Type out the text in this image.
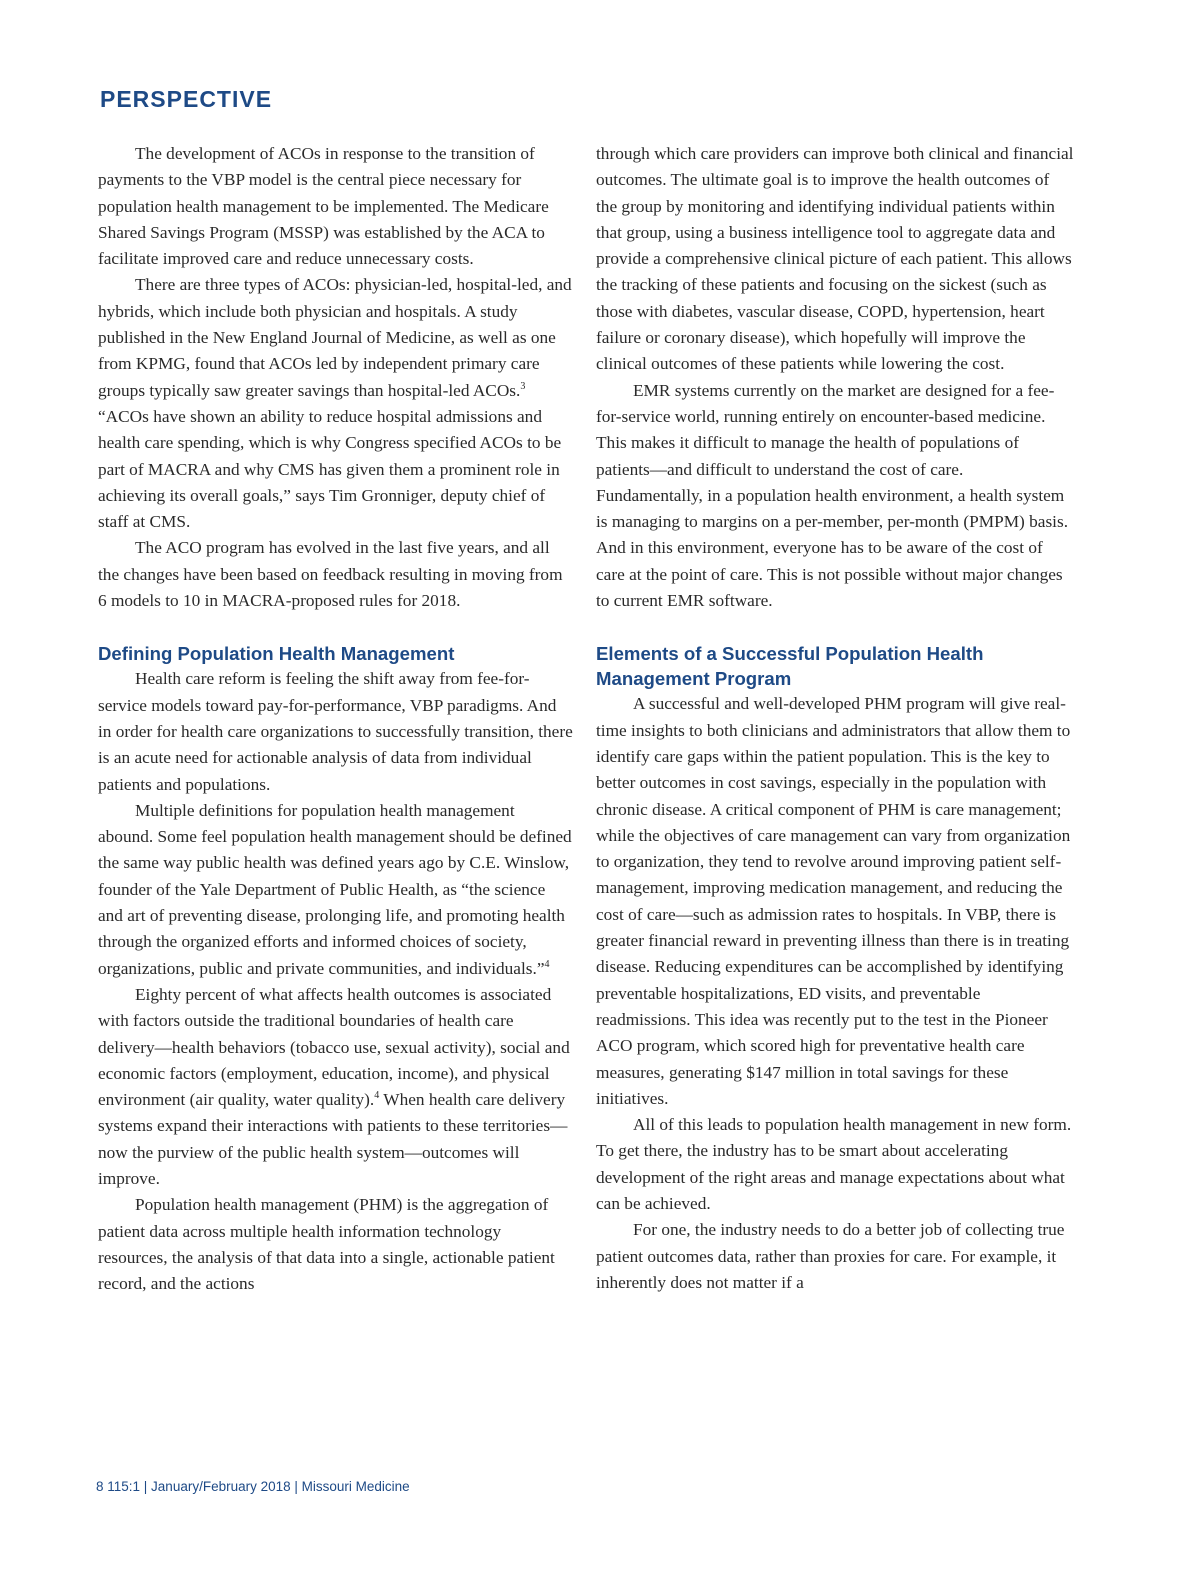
PERSPECTIVE

The development of ACOs in response to the transition of payments to the VBP model is the central piece necessary for population health management to be implemented. The Medicare Shared Savings Program (MSSP) was established by the ACA to facilitate improved care and reduce unnecessary costs.

There are three types of ACOs: physician-led, hospital-led, and hybrids, which include both physician and hospitals. A study published in the New England Journal of Medicine, as well as one from KPMG, found that ACOs led by independent primary care groups typically saw greater savings than hospital-led ACOs.$^3$ “ACOs have shown an ability to reduce hospital admissions and health care spending, which is why Congress specified ACOs to be part of MACRA and why CMS has given them a prominent role in achieving its overall goals,” says Tim Gronniger, deputy chief of staff at CMS.

The ACO program has evolved in the last five years, and all the changes have been based on feedback resulting in moving from 6 models to 10 in MACRA-proposed rules for 2018.

Defining Population Health Management

Health care reform is feeling the shift away from fee-for-service models toward pay-for-performance, VBP paradigms. And in order for health care organizations to successfully transition, there is an acute need for actionable analysis of data from individual patients and populations.

Multiple definitions for population health management abound. Some feel population health management should be defined the same way public health was defined years ago by C.E. Winslow, founder of the Yale Department of Public Health, as “the science and art of preventing disease, prolonging life, and promoting health through the organized efforts and informed choices of society, organizations, public and private communities, and individuals.”$^4$

Eighty percent of what affects health outcomes is associated with factors outside the traditional boundaries of health care delivery—health behaviors (tobacco use, sexual activity), social and economic factors (employment, education, income), and physical environment (air quality, water quality).$^4$ When health care delivery systems expand their interactions with patients to these territories—now the purview of the public health system—outcomes will improve.

Population health management (PHM) is the aggregation of patient data across multiple health information technology resources, the analysis of that data into a single, actionable patient record, and the actions

through which care providers can improve both clinical and financial outcomes. The ultimate goal is to improve the health outcomes of the group by monitoring and identifying individual patients within that group, using a business intelligence tool to aggregate data and provide a comprehensive clinical picture of each patient. This allows the tracking of these patients and focusing on the sickest (such as those with diabetes, vascular disease, COPD, hypertension, heart failure or coronary disease), which hopefully will improve the clinical outcomes of these patients while lowering the cost.

EMR systems currently on the market are designed for a fee-for-service world, running entirely on encounter-based medicine. This makes it difficult to manage the health of populations of patients—and difficult to understand the cost of care. Fundamentally, in a population health environment, a health system is managing to margins on a per-member, per-month (PMPM) basis. And in this environment, everyone has to be aware of the cost of care at the point of care. This is not possible without major changes to current EMR software.

Elements of a Successful Population Health Management Program

A successful and well-developed PHM program will give real-time insights to both clinicians and administrators that allow them to identify care gaps within the patient population. This is the key to better outcomes in cost savings, especially in the population with chronic disease. A critical component of PHM is care management; while the objectives of care management can vary from organization to organization, they tend to revolve around improving patient self-management, improving medication management, and reducing the cost of care—such as admission rates to hospitals. In VBP, there is greater financial reward in preventing illness than there is in treating disease. Reducing expenditures can be accomplished by identifying preventable hospitalizations, ED visits, and preventable readmissions. This idea was recently put to the test in the Pioneer ACO program, which scored high for preventative health care measures, generating $147 million in total savings for these initiatives.

All of this leads to population health management in new form. To get there, the industry has to be smart about accelerating development of the right areas and manage expectations about what can be achieved.

For one, the industry needs to do a better job of collecting true patient outcomes data, rather than proxies for care. For example, it inherently does not matter if a

8 115:1 | January/February 2018 | Missouri Medicine
